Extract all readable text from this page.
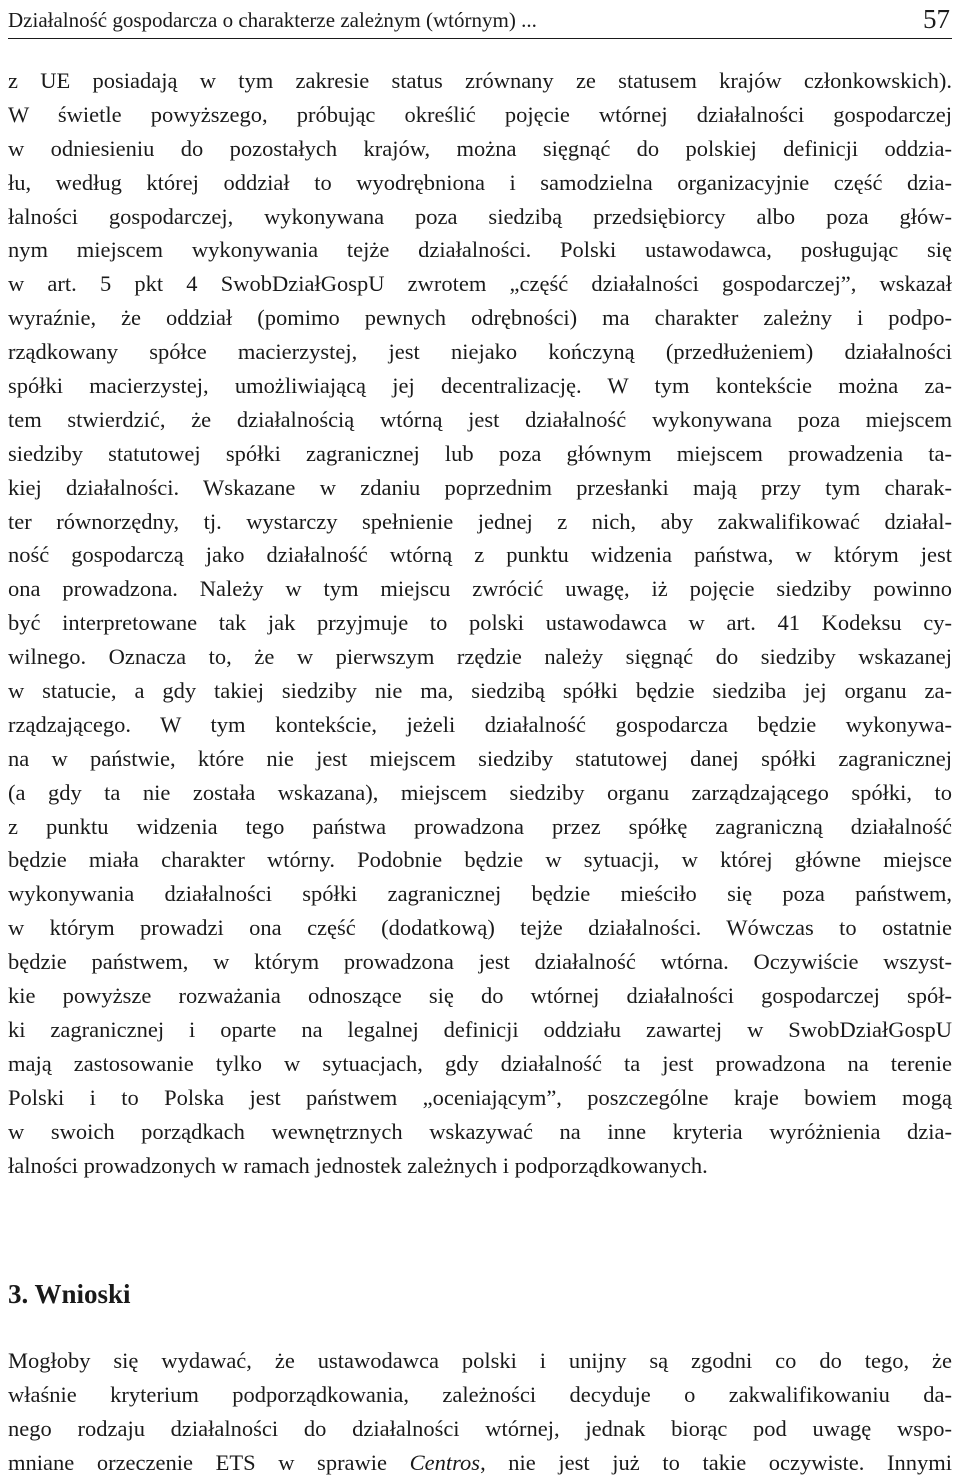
Działalność gospodarcza o charakterze zależnym (wtórnym) ...	57
z UE posiadają w tym zakresie status zrównany ze statusem krajów członkowskich).
W świetle powyższego, próbując określić pojęcie wtórnej działalności gospodarczej
w odniesieniu do pozostałych krajów, można sięgnąć do polskiej definicji oddzia-
łu, według której oddział to wyodrębniona i samodzielna organizacyjnie część dzia-
łalności gospodarczej, wykonywana poza siedzibą przedsiębiorcy albo poza głów-
nym miejscem wykonywania tejże działalności. Polski ustawodawca, posługując się
w art. 5 pkt 4 SwobDziałGospU zwrotem „część działalności gospodarczej”, wskazał
wyraźnie, że oddział (pomimo pewnych odrębności) ma charakter zależny i podpo-
rządkowany spółce macierzystej, jest niejako kończyną (przedłużeniem) działalności
spółki macierzystej, umożliwiającą jej decentralizację. W tym kontekście można za-
tem stwierdzić, że działalnością wtórną jest działalność wykonywana poza miejscem
siedziby statutowej spółki zagranicznej lub poza głównym miejscem prowadzenia ta-
kiej działalności. Wskazane w zdaniu poprzednim przesłanki mają przy tym charak-
ter równorzędny, tj. wystarczy spełnienie jednej z nich, aby zakwalifikować działal-
ność gospodarczą jako działalność wtórną z punktu widzenia państwa, w którym jest
ona prowadzona. Należy w tym miejscu zwrócić uwagę, iż pojęcie siedziby powinno
być interpretowane tak jak przyjmuje to polski ustawodawca w art. 41 Kodeksu cy-
wilnego. Oznacza to, że w pierwszym rzędzie należy sięgnąć do siedziby wskazanej
w statucie, a gdy takiej siedziby nie ma, siedzibą spółki będzie siedziba jej organu za-
rządzającego. W tym kontekście, jeżeli działalność gospodarcza będzie wykonywa-
na w państwie, które nie jest miejscem siedziby statutowej danej spółki zagranicznej
(a gdy ta nie została wskazana), miejscem siedziby organu zarządzającego spółki, to
z punktu widzenia tego państwa prowadzona przez spółkę zagraniczną działalność
będzie miała charakter wtórny. Podobnie będzie w sytuacji, w której główne miejsce
wykonywania działalności spółki zagranicznej będzie mieściło się poza państwem,
w którym prowadzi ona część (dodatkową) tejże działalności. Wówczas to ostatnie
będzie państwem, w którym prowadzona jest działalność wtórna. Oczywiście wszyst-
kie powyższe rozważania odnoszące się do wtórnej działalności gospodarczej spół-
ki zagranicznej i oparte na legalnej definicji oddziału zawartej w SwobDziałGospU
mają zastosowanie tylko w sytuacjach, gdy działalność ta jest prowadzona na terenie
Polski i to Polska jest państwem „oceniającym”, poszczególne kraje bowiem mogą
w swoich porządkach wewnętrznych wskazywać na inne kryteria wyróżnienia dzia-
łalności prowadzonych w ramach jednostek zależnych i podporządkowanych.
3. Wnioski
Mogłoby się wydawać, że ustawodawca polski i unijny są zgodni co do tego, że
właśnie kryterium podporządkowania, zależności decyduje o zakwalifikowaniu da-
nego rodzaju działalności do działalności wtórnej, jednak biorąc pod uwagę wspo-
mniane orzeczenie ETS w sprawie Centros, nie jest już to takie oczywiste. Innymi
